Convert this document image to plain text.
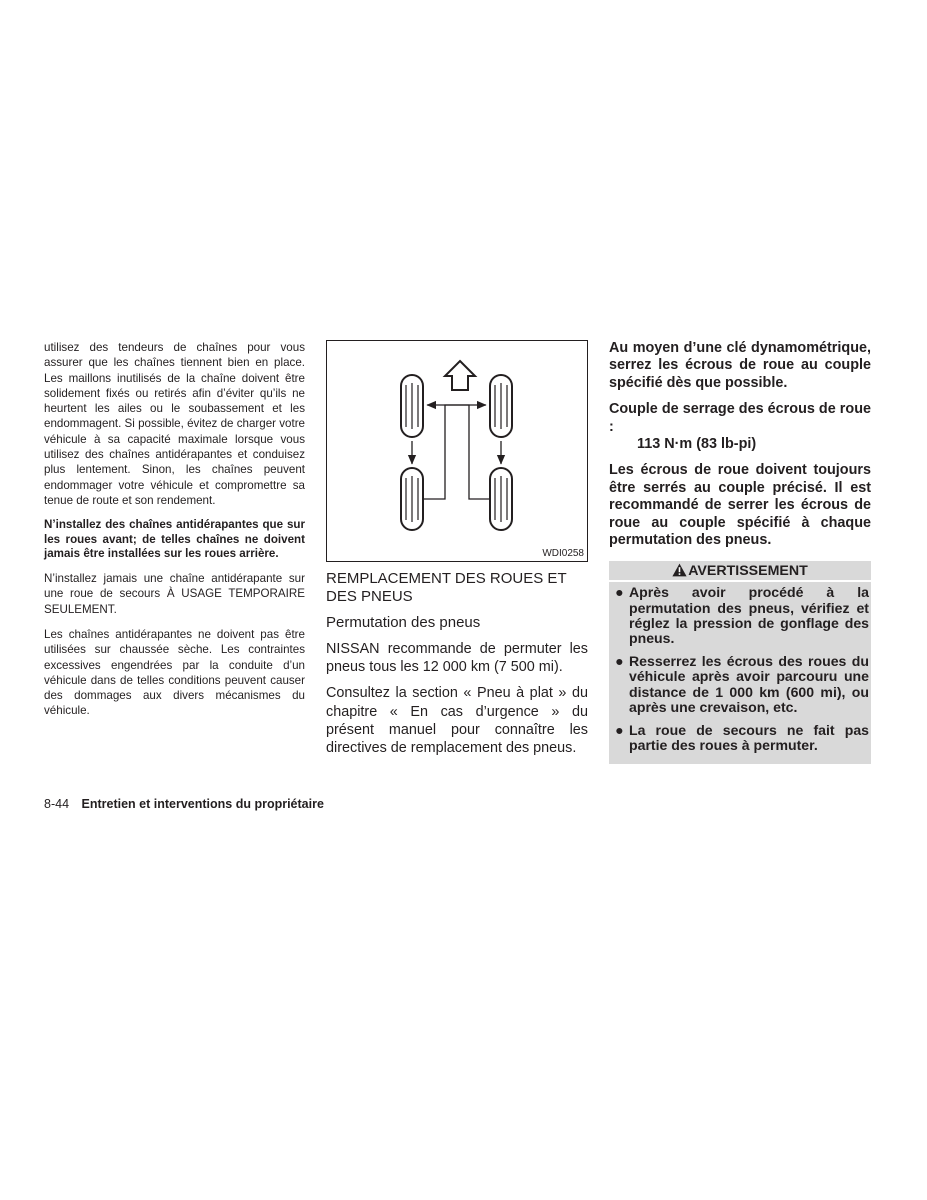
utilisez des tendeurs de chaînes pour vous assurer que les chaînes tiennent bien en place. Les maillons inutilisés de la chaîne doivent être solidement fixés ou retirés afin d’éviter qu’ils ne heurtent les ailes ou le soubassement et les endommagent. Si possible, évitez de charger votre véhicule à sa capacité maximale lorsque vous utilisez des chaînes antidérapantes et conduisez plus lentement. Sinon, les chaînes peuvent endommager votre véhicule et compromettre sa tenue de route et son rendement.

N’installez des chaînes antidérapantes que sur les roues avant; de telles chaînes ne doivent jamais être installées sur les roues arrière.

N’installez jamais une chaîne antidérapante sur une roue de secours À USAGE TEMPORAIRE SEULEMENT.

Les chaînes antidérapantes ne doivent pas être utilisées sur chaussée sèche. Les contraintes excessives engendrées par la conduite d’un véhicule dans de telles conditions peuvent causer des dommages aux divers mécanismes du véhicule.

WDI0258
REMPLACEMENT DES ROUES ET DES PNEUS
Permutation des pneus

NISSAN recommande de permuter les pneus tous les 12 000 km (7 500 mi).

Consultez la section « Pneu à plat » du chapitre « En cas d’urgence » du présent manuel pour connaître les directives de remplacement des pneus.

Au moyen d’une clé dynamométrique, serrez les écrous de roue au couple spécifié dès que possible.

Couple de serrage des écrous de roue :
113 N·m (83 lb-pi)

Les écrous de roue doivent toujours être serrés au couple précisé. Il est recommandé de serrer les écrous de roue au couple spécifié à chaque permutation des pneus.

AVERTISSEMENT
● Après avoir procédé à la permutation des pneus, vérifiez et réglez la pression de gonflage des pneus.
● Resserrez les écrous des roues du véhicule après avoir parcouru une distance de 1 000 km (600 mi), ou après une crevaison, etc.
● La roue de secours ne fait pas partie des roues à permuter.
8-44 Entretien et interventions du propriétaire
